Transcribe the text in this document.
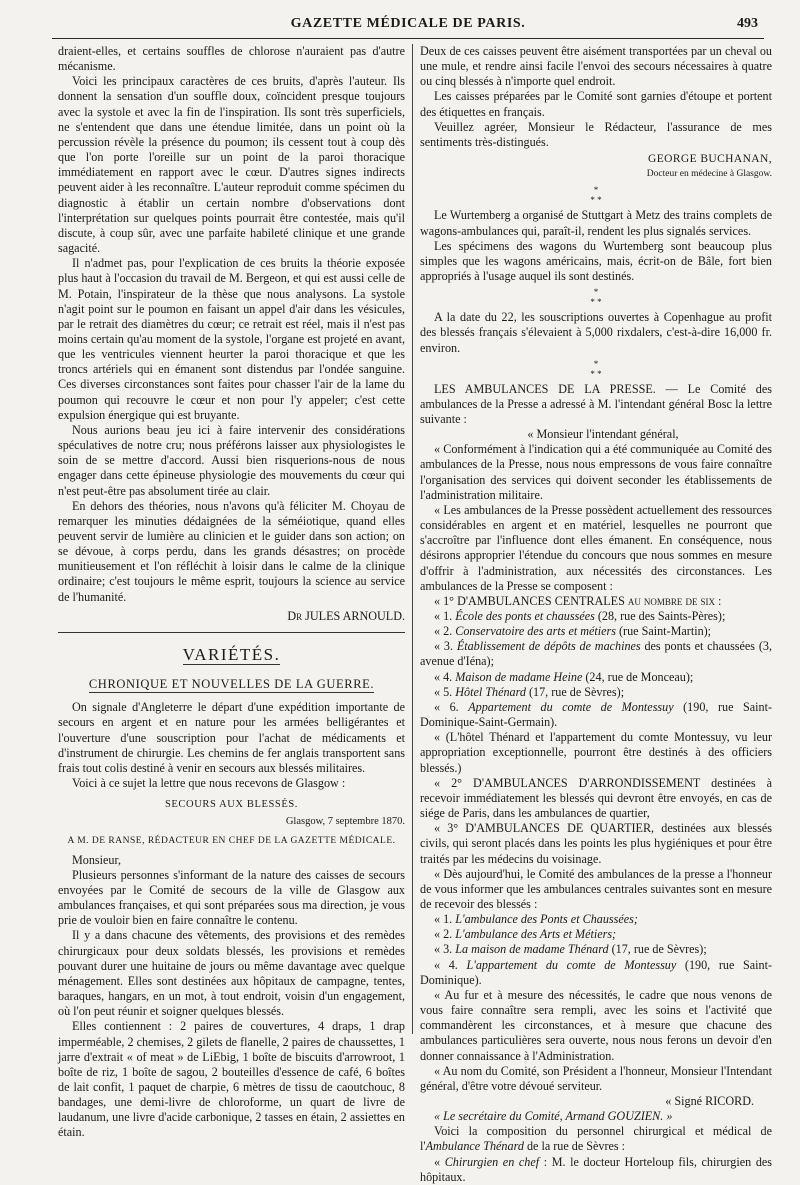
GAZETTE MÉDICALE DE PARIS.	493

draient-elles, et certains souffles de chlorose n'auraient pas d'autre mécanisme.

Voici les principaux caractères de ces bruits, d'après l'auteur. Ils donnent la sensation d'un souffle doux, coïncident presque toujours avec la systole et avec la fin de l'inspiration. Ils sont très superficiels, ne s'entendent que dans une étendue limitée, dans un point où la percussion révèle la présence du poumon; ils cessent tout à coup dès que l'on porte l'oreille sur un point de la paroi thoracique immédiatement en rapport avec le cœur. D'autres signes indirects peuvent aider à les reconnaître. L'auteur reproduit comme spécimen du diagnostic à établir un certain nombre d'observations dont l'interprétation sur quelques points pourrait être contestée, mais qu'il discute, à coup sûr, avec une parfaite habileté clinique et une grande sagacité.

Il n'admet pas, pour l'explication de ces bruits la théorie exposée plus haut à l'occasion du travail de M. Bergeon, et qui est aussi celle de M. Potain, l'inspirateur de la thèse que nous analysons. La systole n'agit point sur le poumon en faisant un appel d'air dans les vésicules, par le retrait des diamètres du cœur; ce retrait est réel, mais il n'est pas moins certain qu'au moment de la systole, l'organe est projeté en avant, que les ventricules viennent heurter la paroi thoracique et que les troncs artériels qui en émanent sont distendus par l'ondée sanguine. Ces diverses circonstances sont faites pour chasser l'air de la lame du poumon qui recouvre le cœur et non pour l'y appeler; c'est cette expulsion énergique qui est bruyante.

Nous aurions beau jeu ici à faire intervenir des considérations spéculatives de notre cru; nous préférons laisser aux physiologistes le soin de se mettre d'accord. Aussi bien risquerions-nous de nous engager dans cette épineuse physiologie des mouvements du cœur qui n'est peut-être pas absolument tirée au clair.

En dehors des théories, nous n'avons qu'à féliciter M. Choyau de remarquer les minuties dédaignées de la séméiotique, quand elles peuvent servir de lumière au clinicien et le guider dans son action; on se dévoue, à corps perdu, dans les grands désastres; on procède munitieusement et l'on réfléchit à loisir dans le calme de la clinique ordinaire; c'est toujours le même esprit, toujours la science au service de l'humanité.

Dr JULES ARNOULD.
VARIÉTÉS.
CHRONIQUE ET NOUVELLES DE LA GUERRE.

On signale d'Angleterre le départ d'une expédition importante de secours en argent et en nature pour les armées belligérantes et l'ouverture d'une souscription pour l'achat de médicaments et d'instrument de chirurgie. Les chemins de fer anglais transportent sans frais tout colis destiné à venir en secours aux blessés militaires.

Voici à ce sujet la lettre que nous recevons de Glasgow :

SECOURS AUX BLESSÉS.
Glasgow, 7 septembre 1870.
A M. DE RANSE, RÉDACTEUR EN CHEF DE LA GAZETTE MÉDICALE.

Monsieur,

Plusieurs personnes s'informant de la nature des caisses de secours envoyées par le Comité de secours de la ville de Glasgow aux ambulances françaises, et qui sont préparées sous ma direction, je vous prie de vouloir bien en faire connaître le contenu.

Il y a dans chacune des vêtements, des provisions et des remèdes chirurgicaux pour deux soldats blessés, les provisions et remèdes pouvant durer une huitaine de jours ou même davantage avec quelque ménagement. Elles sont destinées aux hôpitaux de campagne, tentes, baraques, hangars, en un mot, à tout endroit, voisin d'un engagement, où l'on peut réunir et soigner quelques blessés.

Elles contiennent : 2 paires de couvertures, 4 draps, 1 drap imperméable, 2 chemises, 2 gilets de flanelle, 2 paires de chaussettes, 1 jarre d'extrait « of meat » de LiEbig, 1 boîte de biscuits d'arrowroot, 1 boîte de riz, 1 boîte de sagou, 2 bouteilles d'essence de café, 6 boîtes de lait confit, 1 paquet de charpie, 6 mètres de tissu de caoutchouc, 8 bandages, une demi-livre de chloroforme, un quart de livre de laudanum, une livre d'acide carbonique, 2 tasses en étain, 2 assiettes en étain.

Deux de ces caisses peuvent être aisément transportées par un cheval ou une mule, et rendre ainsi facile l'envoi des secours nécessaires à quatre ou cinq blessés à n'importe quel endroit.

Les caisses préparées par le Comité sont garnies d'étoupe et portent des étiquettes en français.

Veuillez agréer, Monsieur le Rédacteur, l'assurance de mes sentiments très-distingués.

GEORGE BUCHANAN,
Docteur en médecine à Glasgow.
*
* *

Le Wurtemberg a organisé de Stuttgart à Metz des trains complets de wagons-ambulances qui, paraît-il, rendent les plus signalés services.

Les spécimens des wagons du Wurtemberg sont beaucoup plus simples que les wagons américains, mais, écrit-on de Bâle, fort bien appropriés à l'usage auquel ils sont destinés.

*
* *

A la date du 22, les souscriptions ouvertes à Copenhague au profit des blessés français s'élevaient à 5,000 rixdalers, c'est-à-dire 16,000 fr. environ.

*
* *

LES AMBULANCES DE LA PRESSE. — Le Comité des ambulances de la Presse a adressé à M. l'intendant général Bosc la lettre suivante :

« Monsieur l'intendant général,

« Conformément à l'indication qui a été communiquée au Comité des ambulances de la Presse, nous nous empressons de vous faire connaître l'organisation des services qui doivent seconder les établissements de l'administration militaire.

« Les ambulances de la Presse possèdent actuellement des ressources considérables en argent et en matériel, lesquelles ne pourront que s'accroître par l'influence dont elles émanent. En conséquence, nous désirons approprier l'étendue du concours que nous sommes en mesure d'offrir à l'administration, aux nécessités des circonstances. Les ambulances de la Presse se composent :

« 1° D'AMBULANCES CENTRALES au nombre de six :

« 1. École des ponts et chaussées (28, rue des Saints-Pères);

« 2. Conservatoire des arts et métiers (rue Saint-Martin);

« 3. Établissement de dépôts de machines des ponts et chaussées (3, avenue d'Iéna);

« 4. Maison de madame Heine (24, rue de Monceau);

« 5. Hôtel Thénard (17, rue de Sèvres);

« 6. Appartement du comte de Montessuy (190, rue Saint-Dominique-Saint-Germain).

« (L'hôtel Thénard et l'appartement du comte Montessuy, vu leur appropriation exceptionnelle, pourront être destinés à des officiers blessés.)

« 2° D'AMBULANCES D'ARRONDISSEMENT destinées à recevoir immédiatement les blessés qui devront être envoyés, en cas de siége de Paris, dans les ambulances de quartier,

« 3° D'AMBULANCES DE QUARTIER, destinées aux blessés civils, qui seront placés dans les points les plus hygiéniques et pour être traités par les médecins du voisinage.

« Dès aujourd'hui, le Comité des ambulances de la presse a l'honneur de vous informer que les ambulances centrales suivantes sont en mesure de recevoir des blessés :

« 1. L'ambulance des Ponts et Chaussées;

« 2. L'ambulance des Arts et Métiers;

« 3. La maison de madame Thénard (17, rue de Sèvres);

« 4. L'appartement du comte de Montessuy (190, rue Saint-Dominique).

« Au fur et à mesure des nécessités, le cadre que nous venons de vous faire connaître sera rempli, avec les soins et l'activité que commandèrent les circonstances, et à mesure que chacune des ambulances particulières sera ouverte, nous nous ferons un devoir d'en donner connaissance à l'Administration.

« Au nom du Comité, son Président a l'honneur, Monsieur l'Intendant général, d'être votre dévoué serviteur.

« Signé RICORD.

« Le secrétaire du Comité, Armand GOUZIEN. »

Voici la composition du personnel chirurgical et médical de l'Ambulance Thénard de la rue de Sèvres :

« Chirurgien en chef : M. le docteur Horteloup fils, chirurgien des hôpitaux.
